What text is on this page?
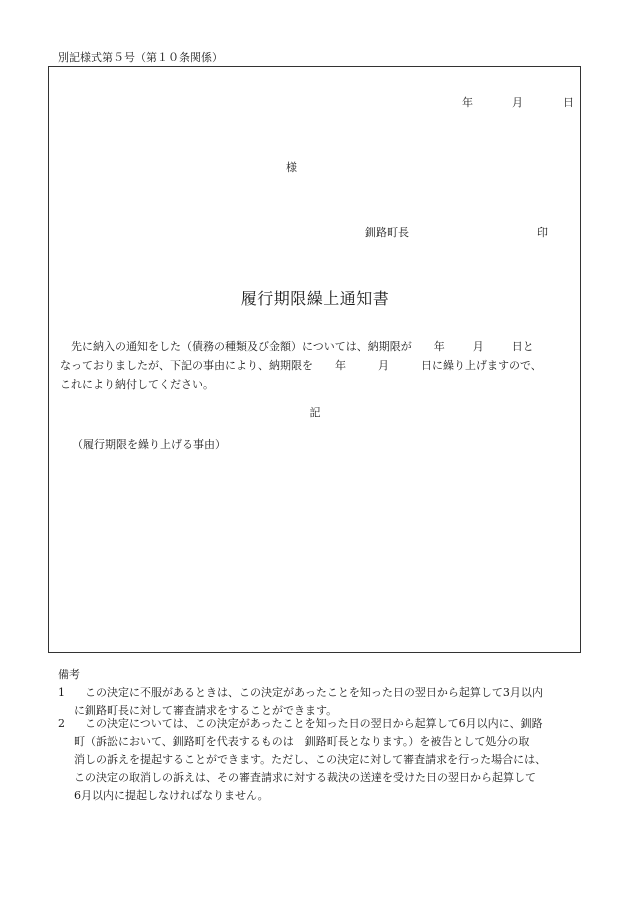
別記様式第５号（第１０条関係）
年	月	日
様
釧路町長	印
履行期限繰上通知書
先に納入の通知をした（債務の種類及び金額）については、納期限が 年	月	日と
なっておりましたが、下記の事由により、納期限を 年	月	日に繰り上げますので、
これにより納付してください。
記
（履行期限を繰り上げる事由）
備考
1	この決定に不服があるときは、この決定があったことを知った日の翌日から起算して3月以内
に釧路町長に対して審査請求をすることができます。
2	この決定については、この決定があったことを知った日の翌日から起算して6月以内に、釧路
町（訴訟において、釧路町を代表するものは　釧路町長となります。）を被告として処分の取
消しの訴えを提起することができます。ただし、この決定に対して審査請求を行った場合には、
この決定の取消しの訴えは、その審査請求に対する裁決の送達を受けた日の翌日から起算して
6月以内に提起しなければなりません。
